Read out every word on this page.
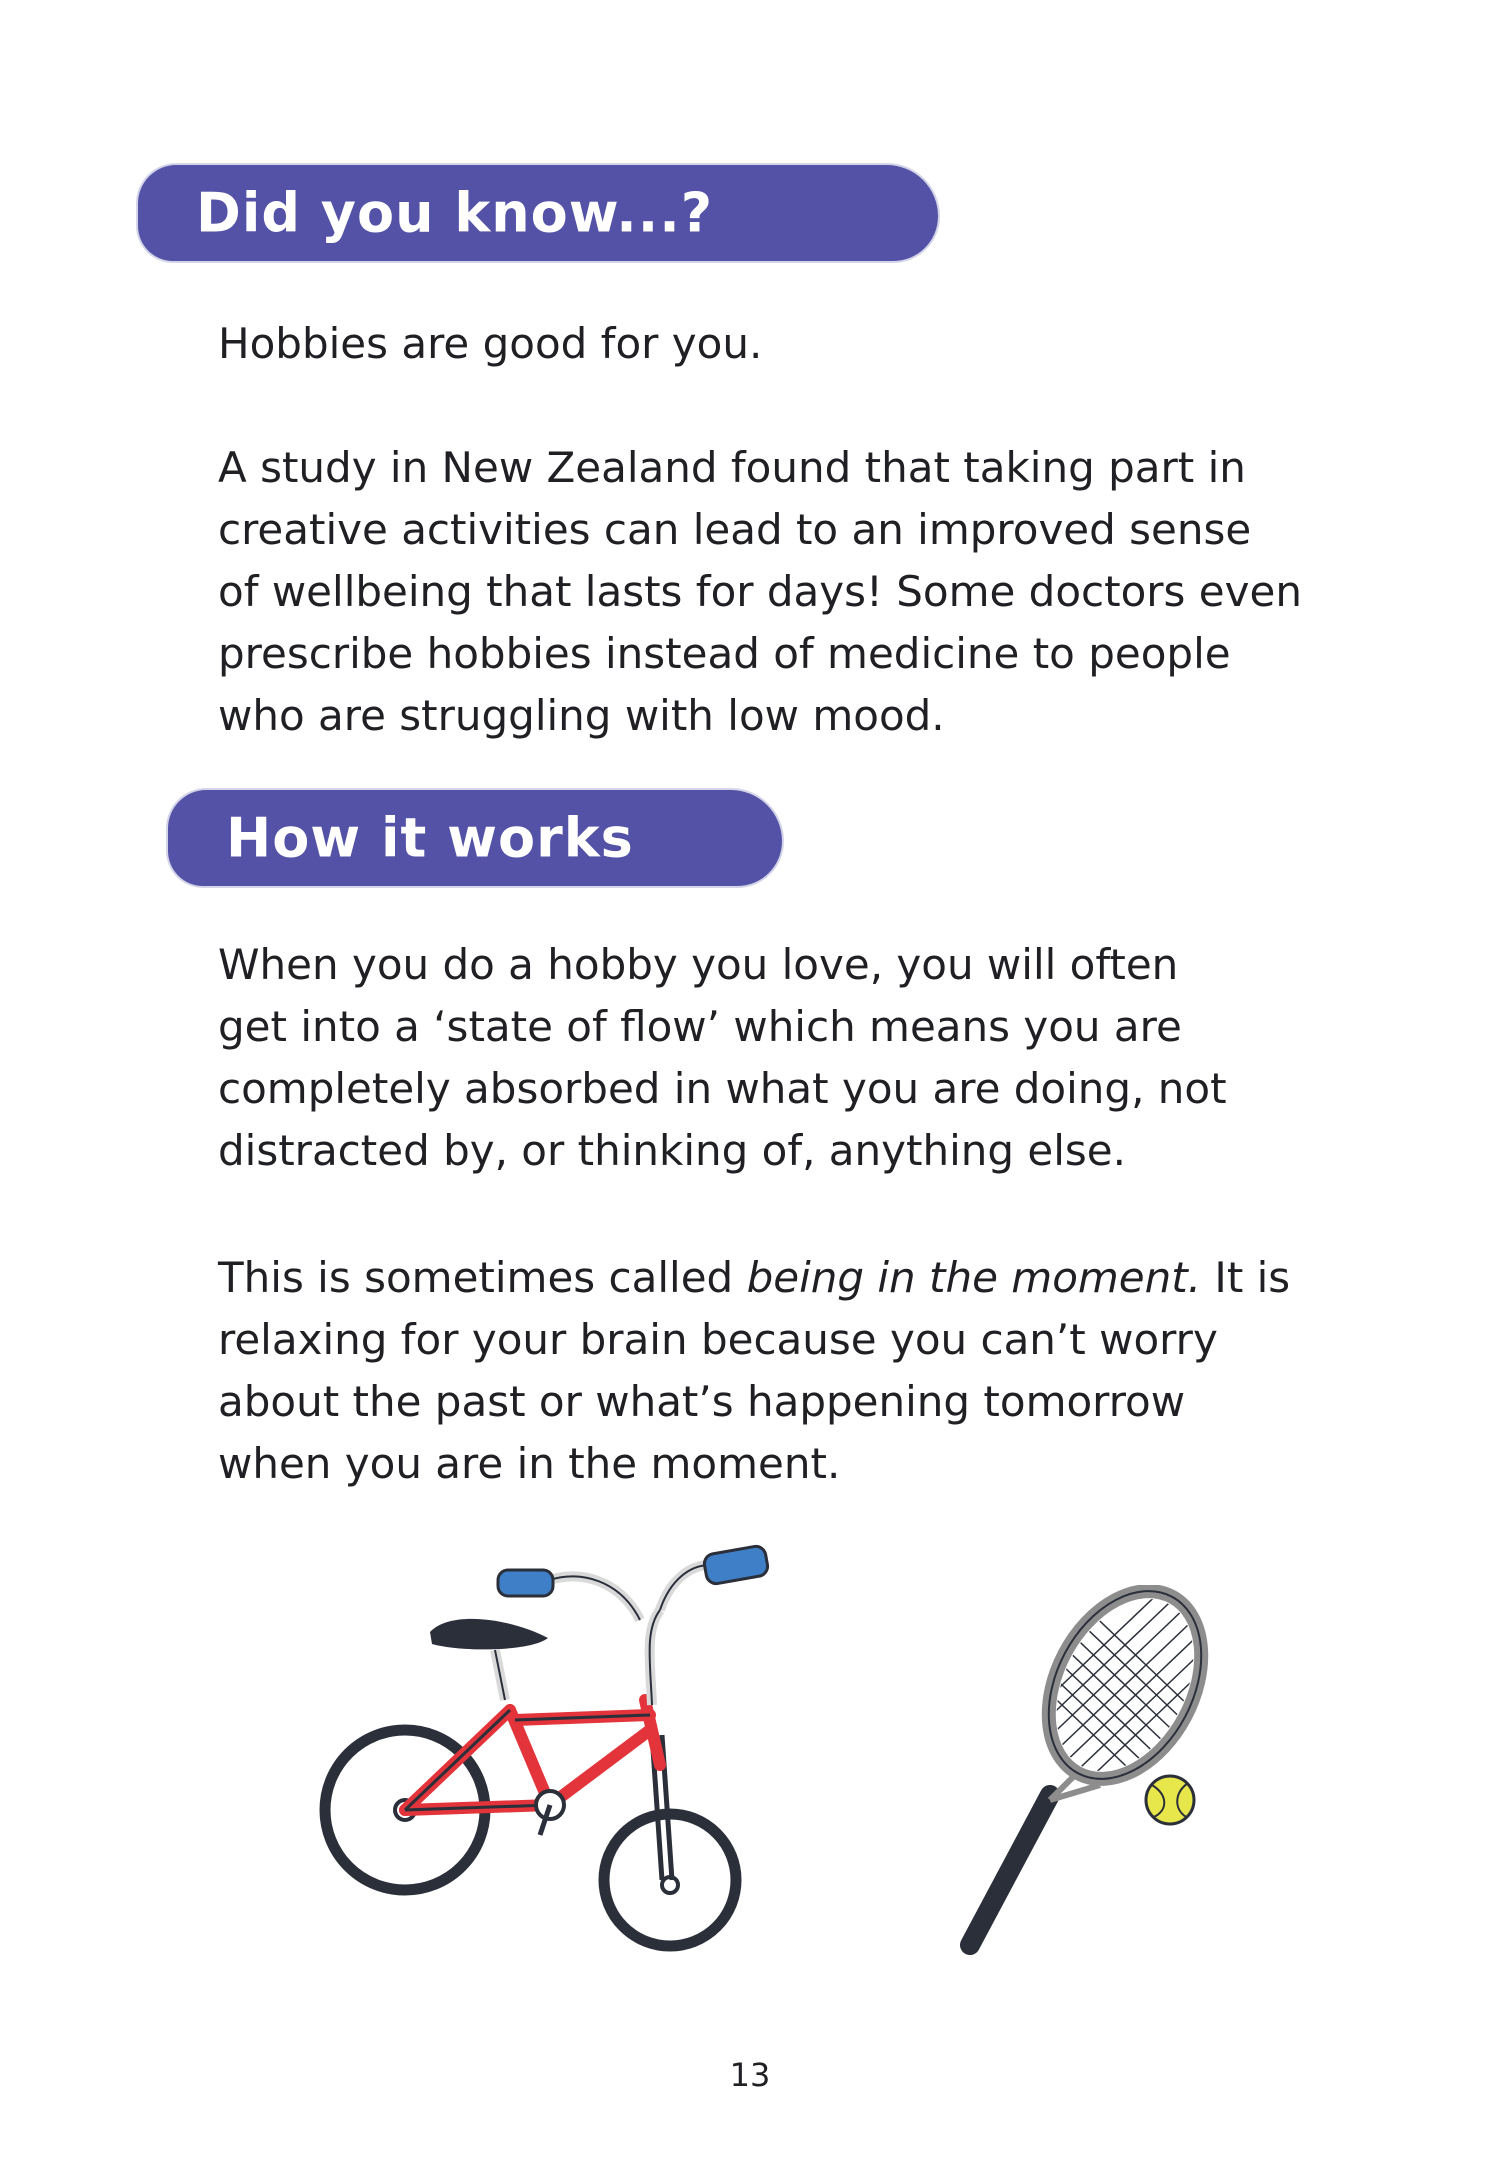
Did you know...?
Hobbies are good for you.
A study in New Zealand found that taking part in
creative activities can lead to an improved sense
of wellbeing that lasts for days! Some doctors even
prescribe hobbies instead of medicine to people
who are struggling with low mood.
How it works
When you do a hobby you love, you will often
get into a ‘state of flow’ which means you are
completely absorbed in what you are doing, not
distracted by, or thinking of, anything else.
This is sometimes called being in the moment. It is
relaxing for your brain because you can’t worry
about the past or what’s happening tomorrow
when you are in the moment.
13
